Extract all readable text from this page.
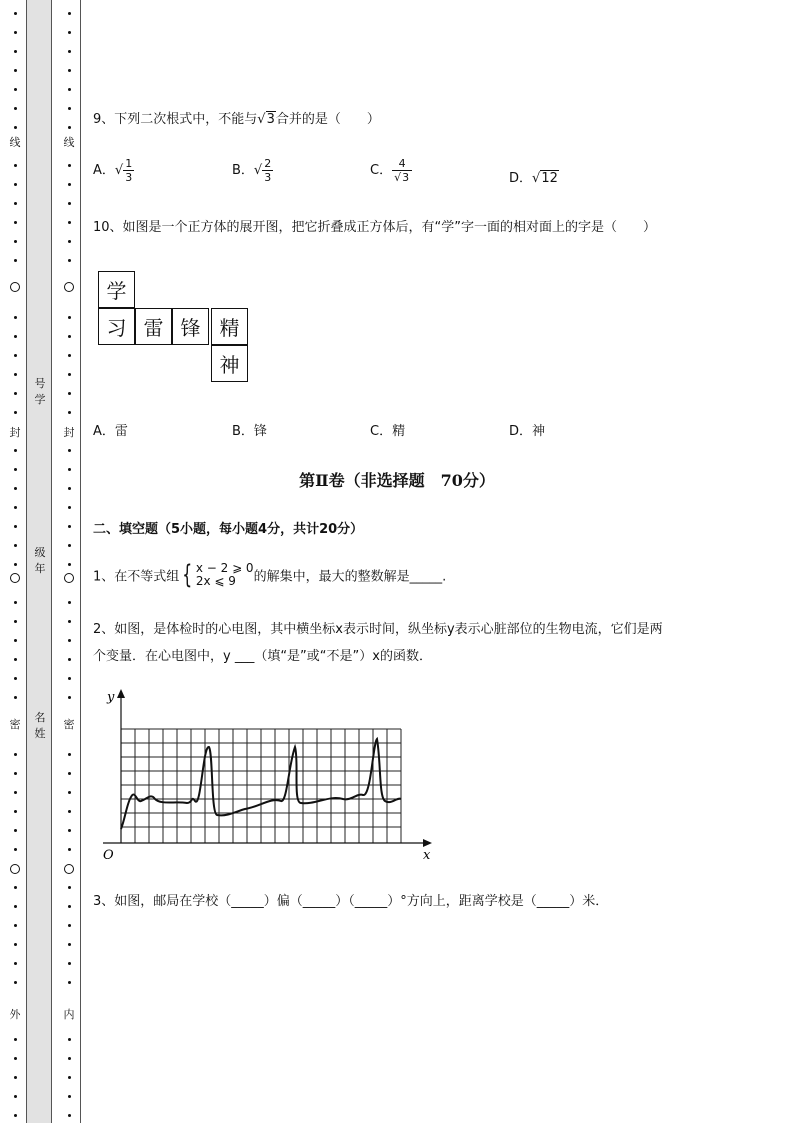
线
封
密
外
号学
级年
名姓
线
封
密
内
9、下列二次根式中，不能与√3合并的是（　　）
A．√ $\frac{1}{3}$	B．√ $\frac{2}{3}$	C． $\frac{4}{√3}$	D．√12
10、如图是一个正方体的展开图，把它折叠成正方体后，有“学”字一面的相对面上的字是（　　）
学
习 雷 锋 精
神
A．雷	B．锋	C．精	D．神
第Ⅱ卷（非选择题　70分）
二、填空题（5小题，每小题4分，共计20分）
1、在不等式组 { x − 2 ⩾ 0
2x ⩽ 9	的解集中，最大的整数解是_____.
2、如图，是体检时的心电图，其中横坐标x表示时间，纵坐标y表示心脏部位的生物电流，它们是两
个变量．在心电图中，y ___（填“是”或“不是”）x的函数．
y
x
O
3、如图，邮局在学校（_____）偏（_____）（_____）°方向上，距离学校是（_____）米．
